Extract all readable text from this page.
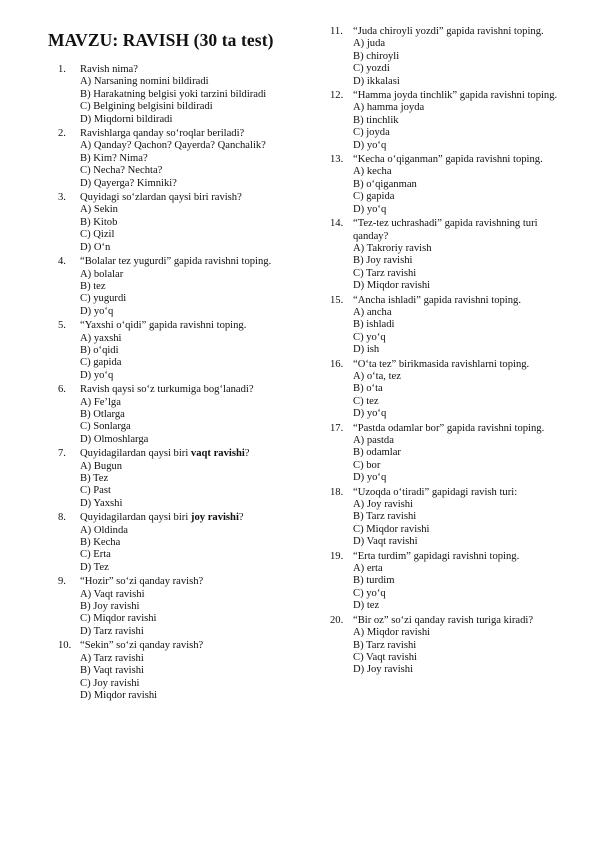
MAVZU: RAVISH (30 ta test)
1.	Ravish nima?
A) Narsaning nomini bildiradi
B) Harakatning belgisi yoki tarzini bildiradi
C) Belgining belgisini bildiradi
D) Miqdorni bildiradi
2.	Ravishlarga qanday so‘roqlar beriladi?
A) Qanday? Qachon? Qayerda? Qanchalik?
B) Kim? Nima?
C) Necha? Nechta?
D) Qayerga? Kimniki?
3.	Quyidagi so‘zlardan qaysi biri ravish?
A) Sekin
B) Kitob
C) Qizil
D) O‘n
4.	“Bolalar tez yugurdi” gapida ravishni toping.
A) bolalar
B) tez
C) yugurdi
D) yo‘q
5.	“Yaxshi o‘qidi” gapida ravishni toping.
A) yaxshi
B) o‘qidi
C) gapida
D) yo‘q
6.	Ravish qaysi so‘z turkumiga bog‘lanadi?
A) Fe’lga
B) Otlarga
C) Sonlarga
D) Olmoshlarga
7.	Quyidagilardan qaysi biri vaqt ravishi?
A) Bugun
B) Tez
C) Past
D) Yaxshi
8.	Quyidagilardan qaysi biri joy ravishi?
A) Oldinda
B) Kecha
C) Erta
D) Tez
9.	“Hozir” so‘zi qanday ravish?
A) Vaqt ravishi
B) Joy ravishi
C) Miqdor ravishi
D) Tarz ravishi
10. “Sekin” so‘zi qanday ravish?
A) Tarz ravishi
B) Vaqt ravishi
C) Joy ravishi
D) Miqdor ravishi
11. “Juda chiroyli yozdi” gapida ravishni toping.
A) juda
B) chiroyli
C) yozdi
D) ikkalasi
12. “Hamma joyda tinchlik” gapida ravishni toping.
A) hamma joyda
B) tinchlik
C) joyda
D) yo‘q
13. “Kecha o‘qiganman” gapida ravishni toping.
A) kecha
B) o‘qiganman
C) gapida
D) yo‘q
14. “Tez-tez uchrashadi” gapida ravishning turi qanday?
A) Takroriy ravish
B) Joy ravishi
C) Tarz ravishi
D) Miqdor ravishi
15. “Ancha ishladi” gapida ravishni toping.
A) ancha
B) ishladi
C) yo‘q
D) ish
16. “O‘ta tez” birikmasida ravishlarni toping.
A) o‘ta, tez
B) o‘ta
C) tez
D) yo‘q
17. “Pastda odamlar bor” gapida ravishni toping.
A) pastda
B) odamlar
C) bor
D) yo‘q
18. “Uzoqda o‘tiradi” gapidagi ravish turi:
A) Joy ravishi
B) Tarz ravishi
C) Miqdor ravishi
D) Vaqt ravishi
19. “Erta turdim” gapidagi ravishni toping.
A) erta
B) turdim
C) yo‘q
D) tez
20. “Bir oz” so‘zi qanday ravish turiga kiradi?
A) Miqdor ravishi
B) Tarz ravishi
C) Vaqt ravishi
D) Joy ravishi
